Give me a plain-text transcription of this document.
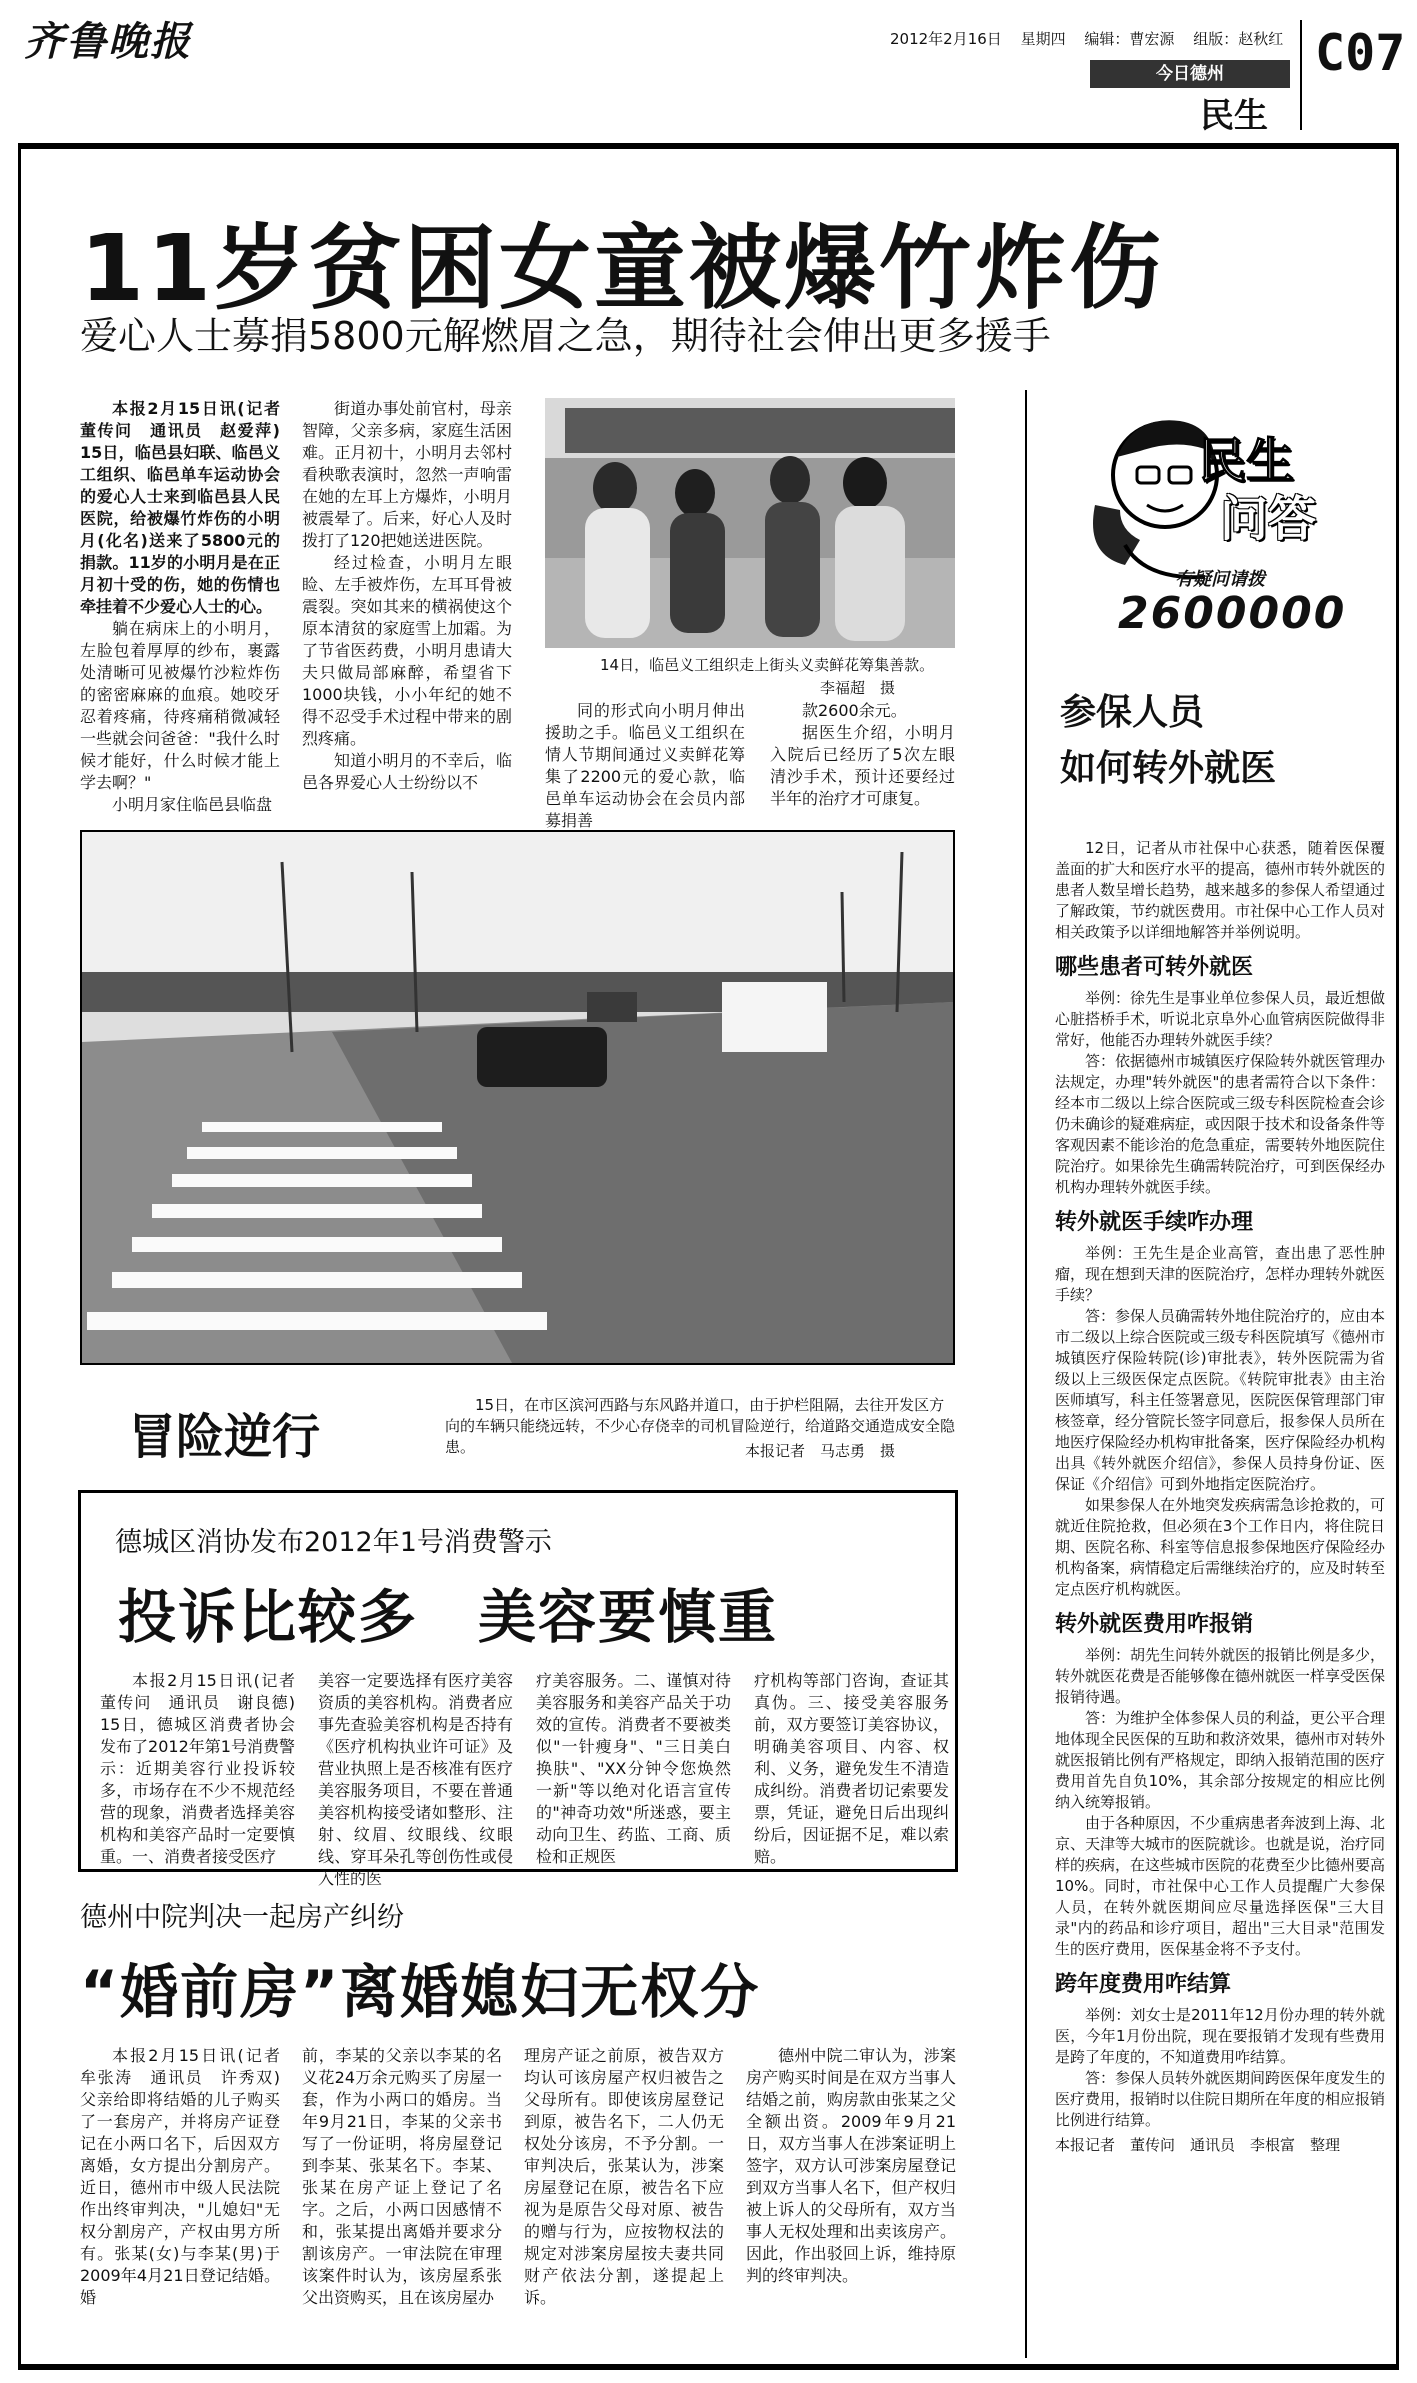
齐鲁晚报	2012年2月16日 星期四 编辑：曹宏源 组版：赵秋红
今日德州
民生
C07
11岁贫困女童被爆竹炸伤
爱心人士募捐5800元解燃眉之急，期待社会伸出更多援手

本报2月15日讯(记者　董传问　通讯员　赵爱萍)　15日，临邑县妇联、临邑义工组织、临邑单车运动协会的爱心人士来到临邑县人民医院，给被爆竹炸伤的小明月(化名)送来了5800元的捐款。11岁的小明月是在正月初十受的伤，她的伤情也牵挂着不少爱心人士的心。

躺在病床上的小明月，左脸包着厚厚的纱布，裹露处清晰可见被爆竹沙粒炸伤的密密麻麻的血痕。她咬牙忍着疼痛，待疼痛稍微减轻一些就会问爸爸："我什么时候才能好，什么时候才能上学去啊？"

小明月家住临邑县临盘

街道办事处前官村，母亲智障，父亲多病，家庭生活困难。正月初十，小明月去邻村看秧歌表演时，忽然一声响雷在她的左耳上方爆炸，小明月被震晕了。后来，好心人及时拨打了120把她送进医院。

经过检查，小明月左眼睑、左手被炸伤，左耳耳骨被震裂。突如其来的横祸使这个原本清贫的家庭雪上加霜。为了节省医药费，小明月患请大夫只做局部麻醉，希望省下1000块钱，小小年纪的她不得不忍受手术过程中带来的剧烈疼痛。

知道小明月的不幸后，临邑各界爱心人士纷纷以不

14日，临邑义工组织走上街头义卖鲜花筹集善款。
李福超　摄

同的形式向小明月伸出援助之手。临邑义工组织在情人节期间通过义卖鲜花筹集了2200元的爱心款，临邑单车运动协会在会员内部募捐善

款2600余元。

据医生介绍，小明月入院后已经历了5次左眼清沙手术，预计还要经过半年的治疗才可康复。

冒险逆行
15日，在市区滨河西路与东风路并道口，由于护栏阻隔，去往开发区方向的车辆只能绕远转，不少心存侥幸的司机冒险逆行，给道路交通造成安全隐患。	本报记者　马志勇　摄
德城区消协发布2012年1号消费警示
投诉比较多　美容要慎重
本报2月15日讯(记者　董传问　通讯员　谢良德)　15日，德城区消费者协会发布了2012年第1号消费警示：近期美容行业投诉较多，市场存在不少不规范经营的现象，消费者选择美容机构和美容产品时一定要慎重。一、消费者接受医疗
美容一定要选择有医疗美容资质的美容机构。消费者应事先查验美容机构是否持有《医疗机构执业许可证》及营业执照上是否核准有医疗美容服务项目，不要在普通美容机构接受诸如整形、注射、纹眉、纹眼线、纹眼线、穿耳朵孔等创伤性或侵入性的医
疗美容服务。二、谨慎对待美容服务和美容产品关于功效的宣传。消费者不要被类似"一针瘦身"、"三日美白换肤"、"XX分钟令您焕然一新"等以绝对化语言宣传的"神奇功效"所迷惑，要主动向卫生、药监、工商、质检和正规医
疗机构等部门咨询，查证其真伪。三、接受美容服务前，双方要签订美容协议，明确美容项目、内容、权利、义务，避免发生不清造成纠纷。消费者切记索要发票，凭证，避免日后出现纠纷后，因证据不足，难以索赔。
德州中院判决一起房产纠纷
“婚前房”离婚媳妇无权分
本报2月15日讯(记者　牟张涛　通讯员　许秀双)　父亲给即将结婚的儿子购买了一套房产，并将房产证登记在小两口名下，后因双方离婚，女方提出分割房产。近日，德州市中级人民法院作出终审判决，"儿媳妇"无权分割房产，产权由男方所有。张某(女)与李某(男)于2009年4月21日登记结婚。婚
前，李某的父亲以李某的名义花24万余元购买了房屋一套，作为小两口的婚房。当年9月21日，李某的父亲书写了一份证明，将房屋登记到李某、张某名下。李某、张某在房产证上登记了名字。之后，小两口因感情不和，张某提出离婚并要求分割该房产。一审法院在审理该案件时认为，该房屋系张父出资购买，且在该房屋办
理房产证之前原，被告双方均认可该房屋产权归被告之父母所有。即使该房屋登记到原，被告名下，二人仍无权处分该房，不予分割。一审判决后，张某认为，涉案房屋登记在原，被告名下应视为是原告父母对原、被告的赠与行为，应按物权法的规定对涉案房屋按夫妻共同财产依法分割，遂提起上诉。
德州中院二审认为，涉案房产购买时间是在双方当事人结婚之前，购房款由张某之父全额出资。2009年9月21日，双方当事人在涉案证明上签字，双方认可涉案房屋登记到双方当事人名下，但产权归被上诉人的父母所有，双方当事人无权处理和出卖该房产。因此，作出驳回上诉，维持原判的终审判决。
民生
问答
有疑问请拨
2600000
参保人员
如何转外就医

12日，记者从市社保中心获悉，随着医保覆盖面的扩大和医疗水平的提高，德州市转外就医的患者人数呈增长趋势，越来越多的参保人希望通过了解政策，节约就医费用。市社保中心工作人员对相关政策予以详细地解答并举例说明。

哪些患者可转外就医

举例：徐先生是事业单位参保人员，最近想做心脏搭桥手术，听说北京阜外心血管病医院做得非常好，他能否办理转外就医手续？

答：依据德州市城镇医疗保险转外就医管理办法规定，办理"转外就医"的患者需符合以下条件：经本市二级以上综合医院或三级专科医院检查会诊仍未确诊的疑难病症，或因限于技术和设备条件等客观因素不能诊治的危急重症，需要转外地医院住院治疗。如果徐先生确需转院治疗，可到医保经办机构办理转外就医手续。

转外就医手续咋办理

举例：王先生是企业高管，查出患了恶性肿瘤，现在想到天津的医院治疗，怎样办理转外就医手续？

答：参保人员确需转外地住院治疗的，应由本市二级以上综合医院或三级专科医院填写《德州市城镇医疗保险转院(诊)审批表》，转外医院需为省级以上三级医保定点医院。《转院审批表》由主治医师填写，科主任签署意见，医院医保管理部门审核签章，经分管院长签字同意后，报参保人员所在地医疗保险经办机构审批备案，医疗保险经办机构出具《转外就医介绍信》，参保人员持身份证、医保证《介绍信》可到外地指定医院治疗。

如果参保人在外地突发疾病需急诊抢救的，可就近住院抢救，但必须在3个工作日内，将住院日期、医院名称、科室等信息报参保地医疗保险经办机构备案，病情稳定后需继续治疗的，应及时转至定点医疗机构就医。

转外就医费用咋报销

举例：胡先生问转外就医的报销比例是多少，转外就医花费是否能够像在德州就医一样享受医保报销待遇。

答：为维护全体参保人员的利益，更公平合理地体现全民医保的互助和救济效果，德州市对转外就医报销比例有严格规定，即纳入报销范围的医疗费用首先自负10%，其余部分按规定的相应比例纳入统筹报销。

由于各种原因，不少重病患者奔波到上海、北京、天津等大城市的医院就诊。也就是说，治疗同样的疾病，在这些城市医院的花费至少比德州要高10%。同时，市社保中心工作人员提醒广大参保人员，在转外就医期间应尽量选择医保"三大目录"内的药品和诊疗项目，超出"三大目录"范围发生的医疗费用，医保基金将不予支付。

跨年度费用咋结算

举例：刘女士是2011年12月份办理的转外就医，今年1月份出院，现在要报销才发现有些费用是跨了年度的，不知道费用咋结算。

答：参保人员转外就医期间跨医保年度发生的医疗费用，报销时以住院日期所在年度的相应报销比例进行结算。

本报记者　董传问　通讯员　李根富　整理
